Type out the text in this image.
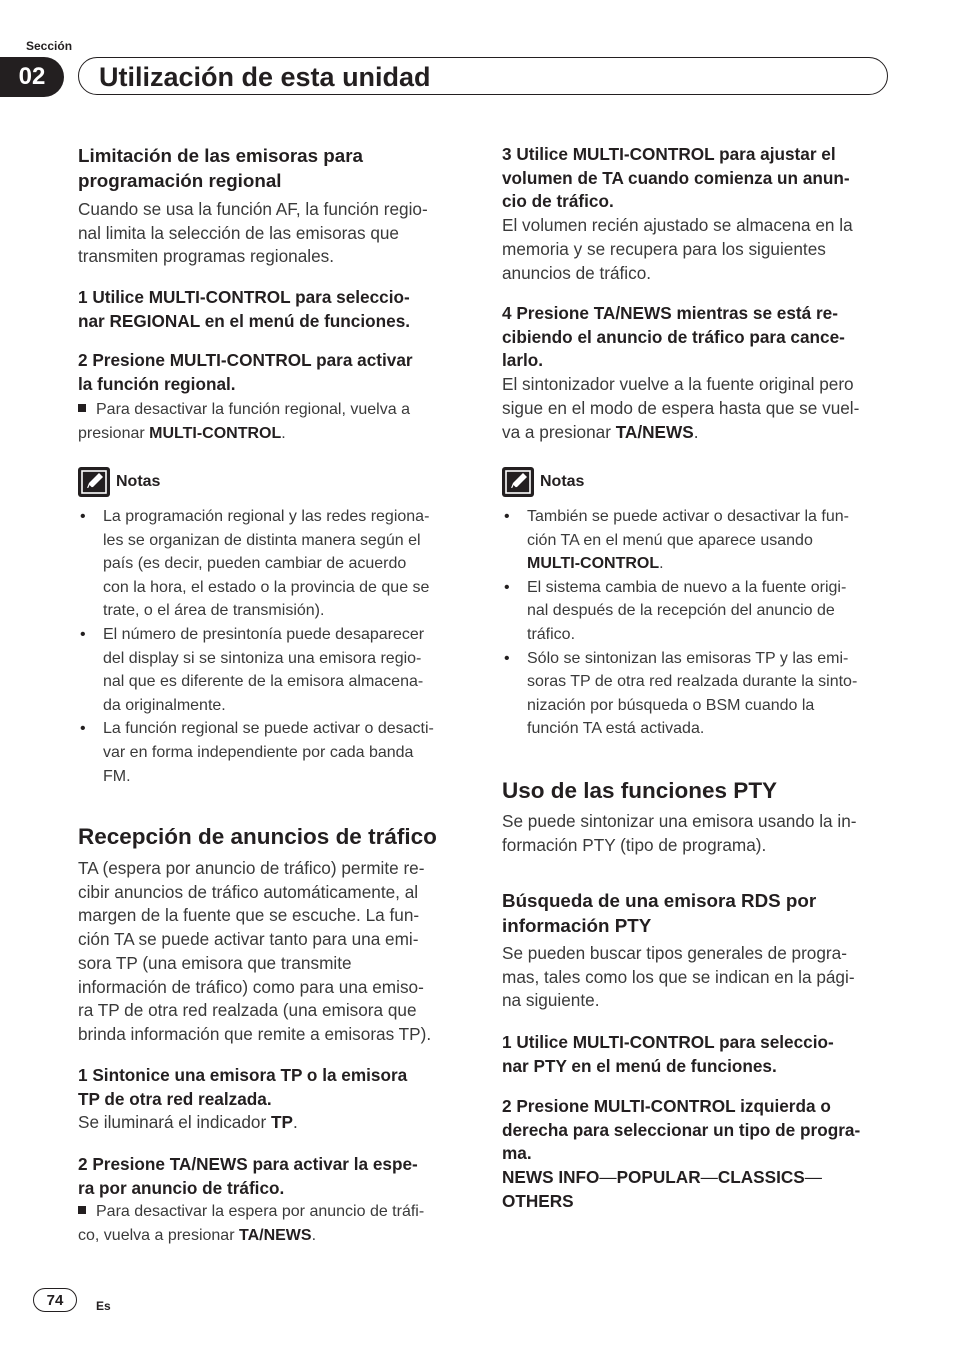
Sección
02	Utilización de esta unidad
Limitación de las emisoras para
programación regional
Cuando se usa la función AF, la función regio-
nal limita la selección de las emisoras que
transmiten programas regionales.
1 Utilice MULTI-CONTROL para seleccio-
nar REGIONAL en el menú de funciones.
2 Presione MULTI-CONTROL para activar
la función regional.
Para desactivar la función regional, vuelva a
presionar MULTI-CONTROL.
Notas
• La programación regional y las redes regiona-
les se organizan de distinta manera según el
país (es decir, pueden cambiar de acuerdo
con la hora, el estado o la provincia de que se
trate, o el área de transmisión).
• El número de presintonía puede desaparecer
del display si se sintoniza una emisora regio-
nal que es diferente de la emisora almacena-
da originalmente.
• La función regional se puede activar o desacti-
var en forma independiente por cada banda
FM.
Recepción de anuncios de tráfico
TA (espera por anuncio de tráfico) permite re-
cibir anuncios de tráfico automáticamente, al
margen de la fuente que se escuche. La fun-
ción TA se puede activar tanto para una emi-
sora TP (una emisora que transmite
información de tráfico) como para una emiso-
ra TP de otra red realzada (una emisora que
brinda información que remite a emisoras TP).
1 Sintonice una emisora TP o la emisora
TP de otra red realzada.
Se iluminará el indicador TP.
2 Presione TA/NEWS para activar la espe-
ra por anuncio de tráfico.
Para desactivar la espera por anuncio de tráfi-
co, vuelva a presionar TA/NEWS.
3 Utilice MULTI-CONTROL para ajustar el
volumen de TA cuando comienza un anun-
cio de tráfico.
El volumen recién ajustado se almacena en la
memoria y se recupera para los siguientes
anuncios de tráfico.
4 Presione TA/NEWS mientras se está re-
cibiendo el anuncio de tráfico para cance-
larlo.
El sintonizador vuelve a la fuente original pero
sigue en el modo de espera hasta que se vuel-
va a presionar TA/NEWS.
Notas
• También se puede activar o desactivar la fun-
ción TA en el menú que aparece usando
MULTI-CONTROL.
• El sistema cambia de nuevo a la fuente origi-
nal después de la recepción del anuncio de
tráfico.
• Sólo se sintonizan las emisoras TP y las emi-
soras TP de otra red realzada durante la sinto-
nización por búsqueda o BSM cuando la
función TA está activada.
Uso de las funciones PTY
Se puede sintonizar una emisora usando la in-
formación PTY (tipo de programa).
Búsqueda de una emisora RDS por
información PTY
Se pueden buscar tipos generales de progra-
mas, tales como los que se indican en la pági-
na siguiente.
1 Utilice MULTI-CONTROL para seleccio-
nar PTY en el menú de funciones.
2 Presione MULTI-CONTROL izquierda o
derecha para seleccionar un tipo de progra-
ma.
NEWS INFO—POPULAR—CLASSICS—
OTHERS
74	Es
